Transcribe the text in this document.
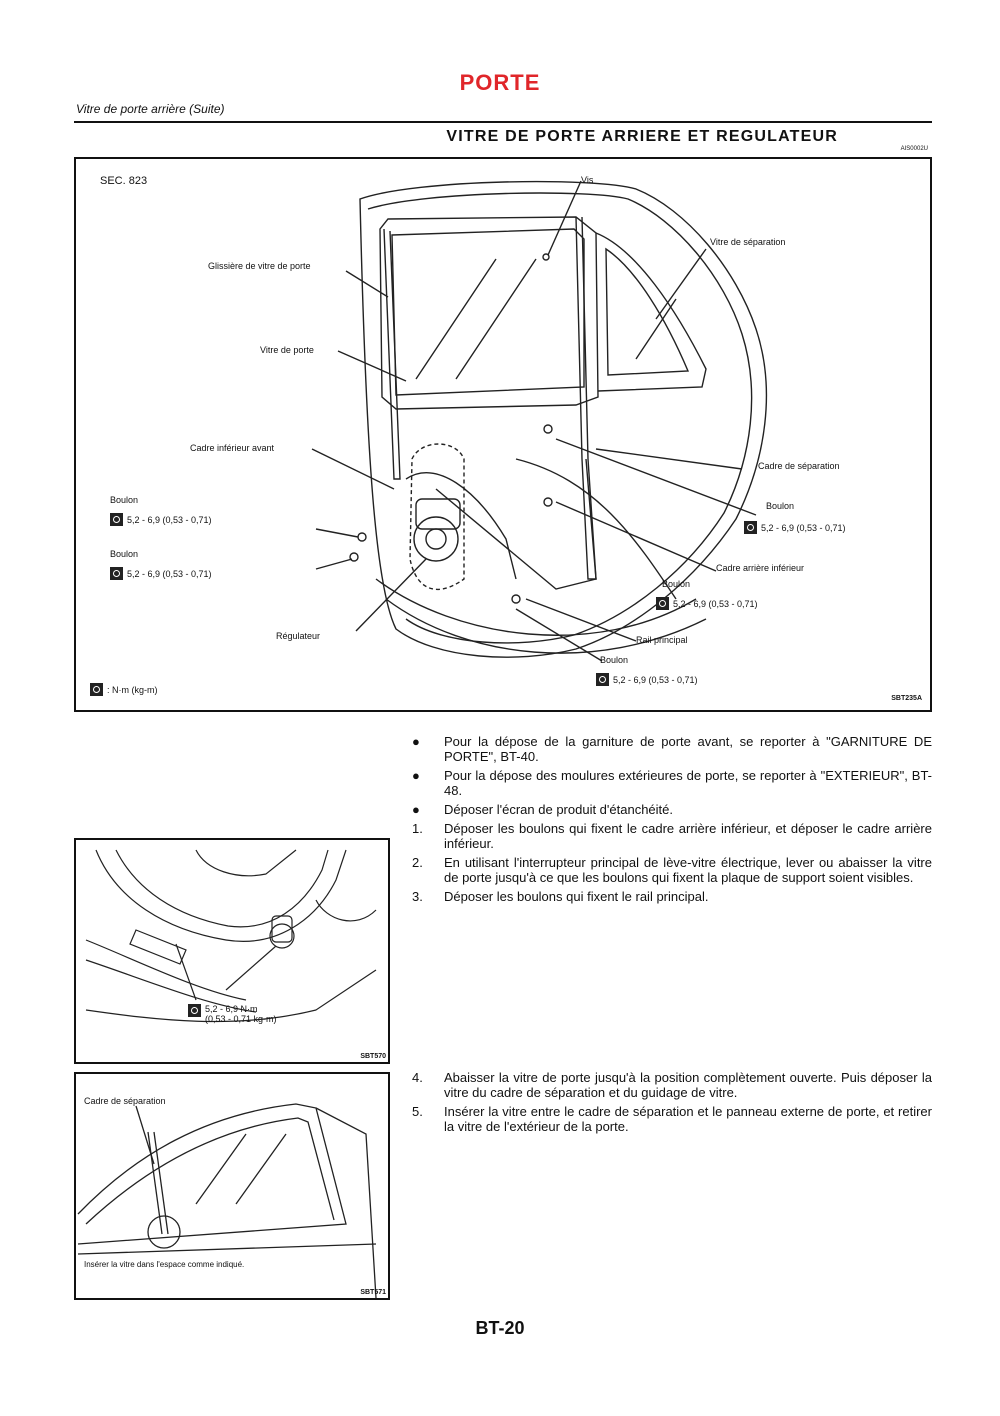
PORTE
Vitre de porte arrière (Suite)
VITRE DE PORTE ARRIERE ET REGULATEUR
AIS0002U
SEC. 823	Vis
Vitre de séparation
Glissière de vitre de porte
Vitre de porte
Cadre inférieur avant
Cadre de séparation
Boulon
5,2 - 6,9 (0,53 - 0,71)
Cadre arrière inférieur
Boulon
5,2 - 6,9 (0,53 - 0,71)
Boulon
5,2 - 6,9 (0,53 - 0,71)
Boulon
5,2 - 6,9 (0,53 - 0,71)
Régulateur	Rail principal
Boulon
5,2 - 6,9 (0,53 - 0,71)
: N·m (kg-m)
SBT235A
●	Pour la dépose de la garniture de porte avant, se reporter à "GARNITURE DE PORTE", BT-40.
●	Pour la dépose des moulures extérieures de porte, se reporter à "EXTERIEUR", BT-48.
●	Déposer l'écran de produit d'étanchéité.
1.	Déposer les boulons qui fixent le cadre arrière inférieur, et déposer le cadre arrière inférieur.
2.	En utilisant l'interrupteur principal de lève-vitre électrique, lever ou abaisser la vitre de porte jusqu'à ce que les boulons qui fixent la plaque de support soient visibles.
3.	Déposer les boulons qui fixent le rail principal.
5,2 - 6,9 N·m
(0,53 - 0,71 kg-m)
SBT570
Cadre de séparation
Insérer la vitre dans l'espace comme indiqué.
SBT571
4.	Abaisser la vitre de porte jusqu'à la position complètement ouverte. Puis déposer la vitre du cadre de séparation et du guidage de vitre.
5.	Insérer la vitre entre le cadre de séparation et le panneau externe de porte, et retirer la vitre de l'extérieur de la porte.
BT-20
